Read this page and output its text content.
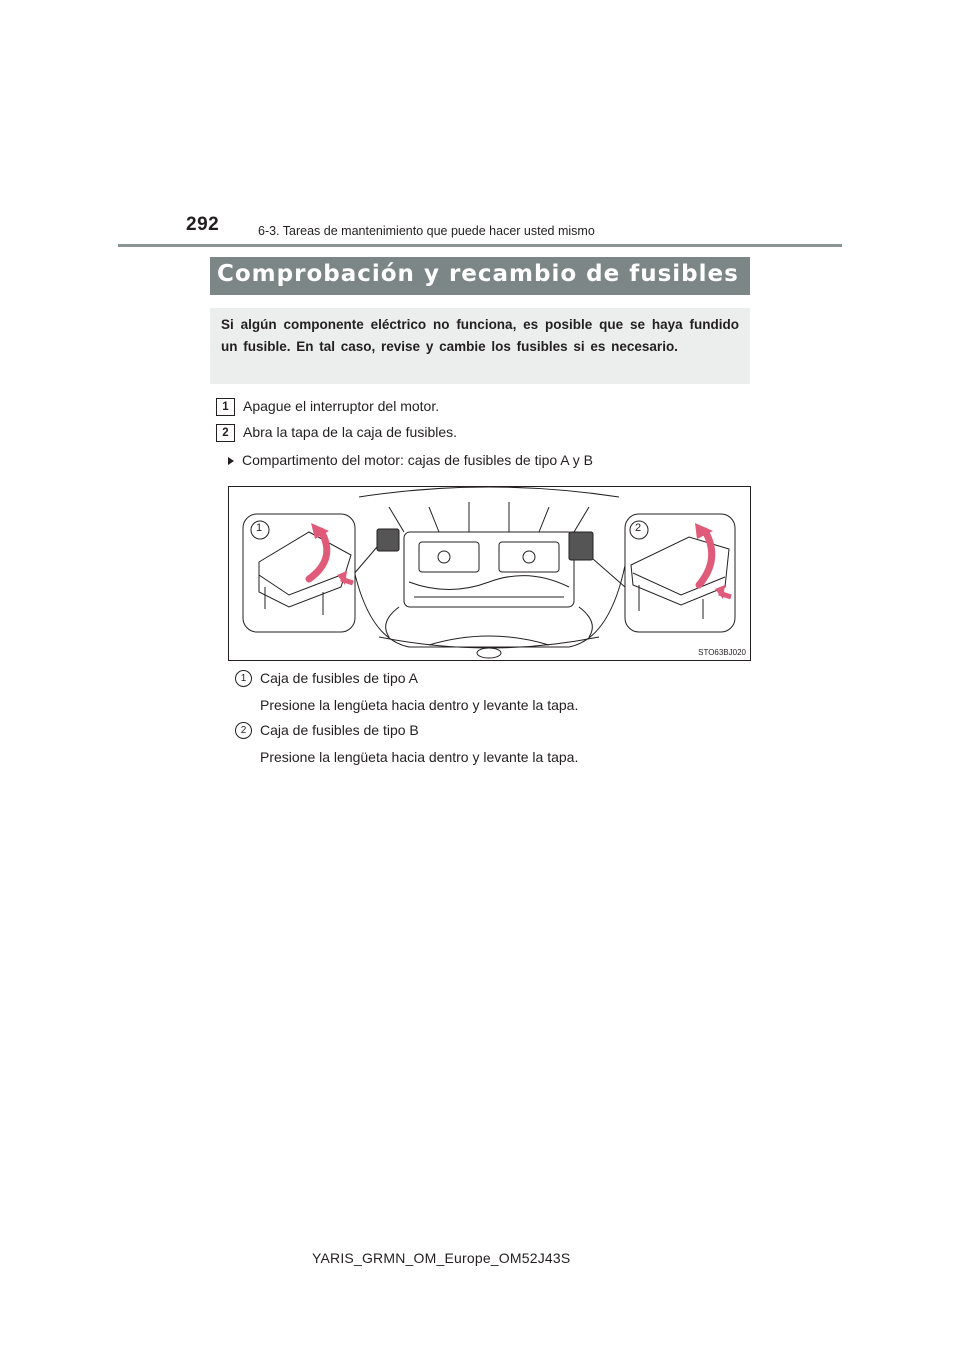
292	6-3. Tareas de mantenimiento que puede hacer usted mismo
Comprobación y recambio de fusibles
Si algún componente eléctrico no funciona, es posible que se haya fundido un fusible. En tal caso, revise y cambie los fusibles si es necesario.
1	Apague el interruptor del motor.
2	Abra la tapa de la caja de fusibles.
Compartimento del motor: cajas de fusibles de tipo A y B
1	2
STO63BJ020
1 Caja de fusibles de tipo A
Presione la lengüeta hacia dentro y levante la tapa.
2 Caja de fusibles de tipo B
Presione la lengüeta hacia dentro y levante la tapa.
YARIS_GRMN_OM_Europe_OM52J43S
